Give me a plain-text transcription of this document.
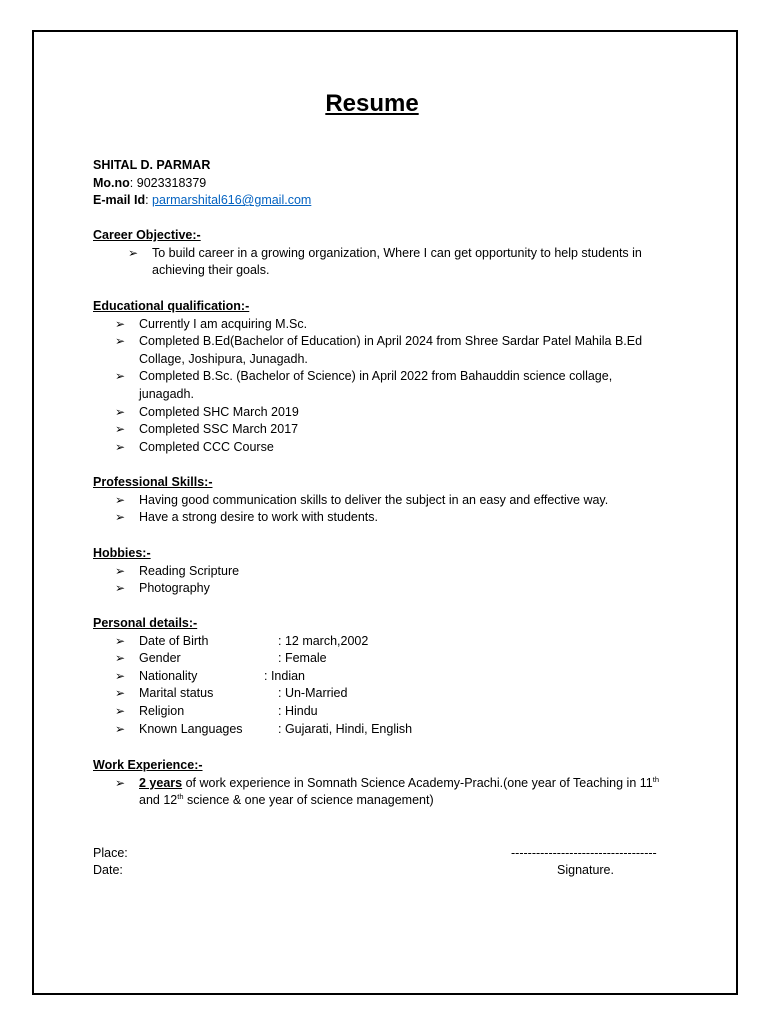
Resume
SHITAL D. PARMAR
Mo.no: 9023318379
E-mail Id: parmarshital616@gmail.com
Career Objective:-
➢ To build career in a growing organization, Where I can get opportunity to help students in achieving their goals.
Educational qualification:-
➢ Currently I am acquiring M.Sc.
➢ Completed B.Ed(Bachelor of Education) in April 2024 from Shree Sardar Patel Mahila B.Ed Collage, Joshipura, Junagadh.
➢ Completed B.Sc. (Bachelor of Science) in April 2022 from Bahauddin science collage, junagadh.
➢ Completed SHC March 2019
➢ Completed SSC March 2017
➢ Completed CCC Course
Professional Skills:-
➢ Having good communication skills to deliver the subject in an easy and effective way.
➢ Have a strong desire to work with students.
Hobbies:-
➢ Reading Scripture
➢ Photography
Personal details:-
➢ Date of Birth	: 12 march,2002
➢ Gender	: Female
➢ Nationality	: Indian
➢ Marital status	: Un-Married
➢ Religion	: Hindu
➢ Known Languages	: Gujarati, Hindi, English
Work Experience:-
➢ 2 years of work experience in Somnath Science Academy-Prachi.(one year of Teaching in 11th
and 12th science & one year of science management)
Place:
Date:
-----------------------------------
Signature.
